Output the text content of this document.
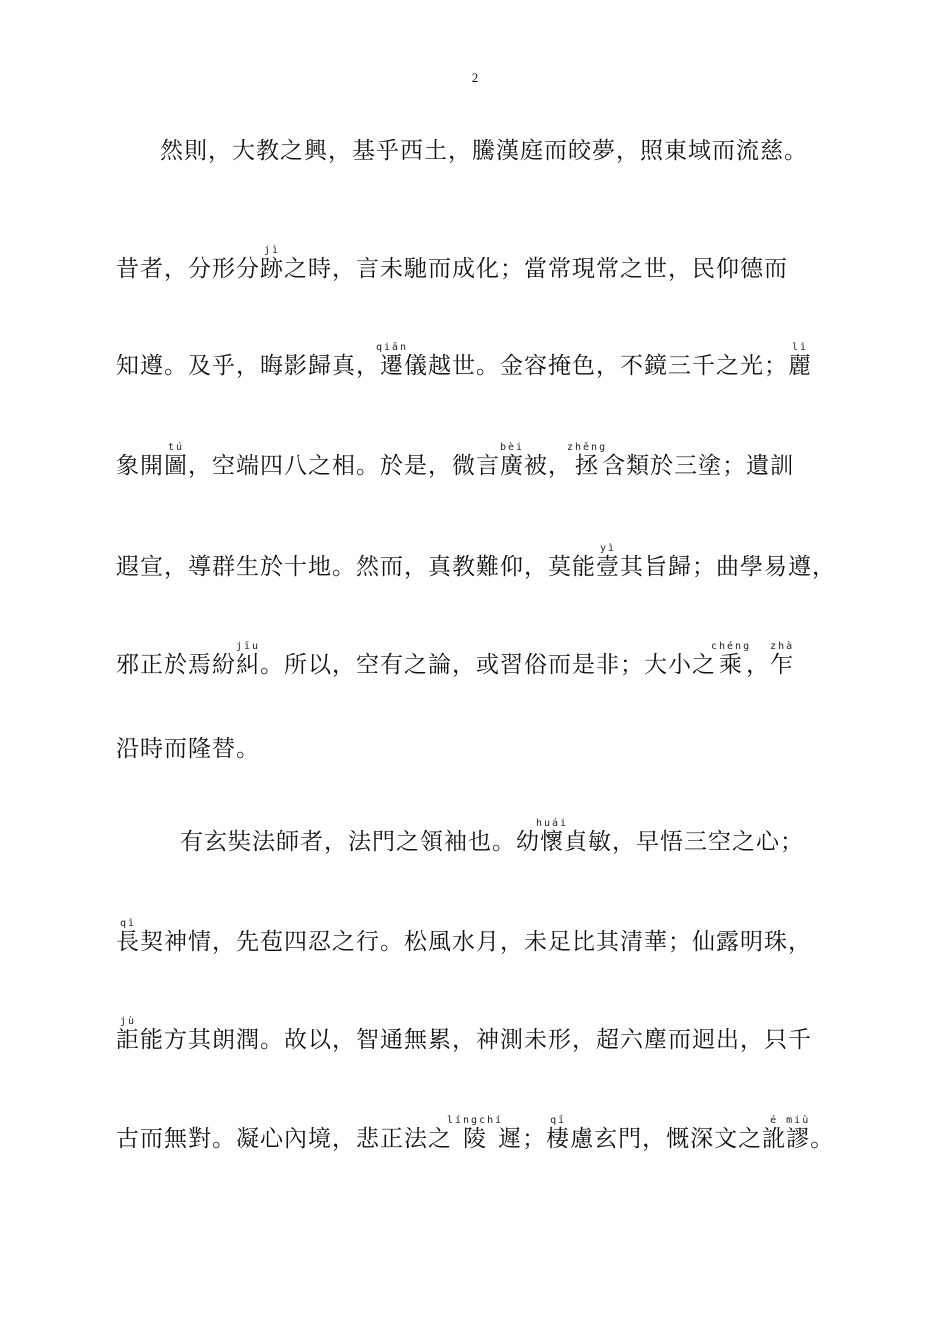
2
然則，大教之興，基乎西土，騰漢庭而皎夢，照東域而流慈。
昔者，分形分跡jì之時，言未馳而成化；當常現常之世，民仰德而
知遵。及乎，晦影歸真，遷qiān儀越世。金容掩色，不鏡三千之光；麗lì
象開圖tú，空端四八之相。於是，微言廣bèi被，拯zhěng含類於三塗；遺訓
遐宣，導群生於十地。然而，真教難仰，莫能壹yì其旨歸；曲學易遵，
邪正於焉紛糾jīu。所以，空有之論，或習俗而是非；大小之乘chéng，乍zhà
沿時而隆替。
有玄奘法師者，法門之領袖也。幼懷huái貞敏，早悟三空之心；
長qì契神情，先苞四忍之行。松風水月，未足比其清華；仙露明珠，
詎jù能方其朗潤。故以，智通無累，神測未形，超六塵而迥出，只千
古而無對。凝心內境，悲正法之陵língchí遲；棲qī慮玄門，慨深文之訛é謬miù。
